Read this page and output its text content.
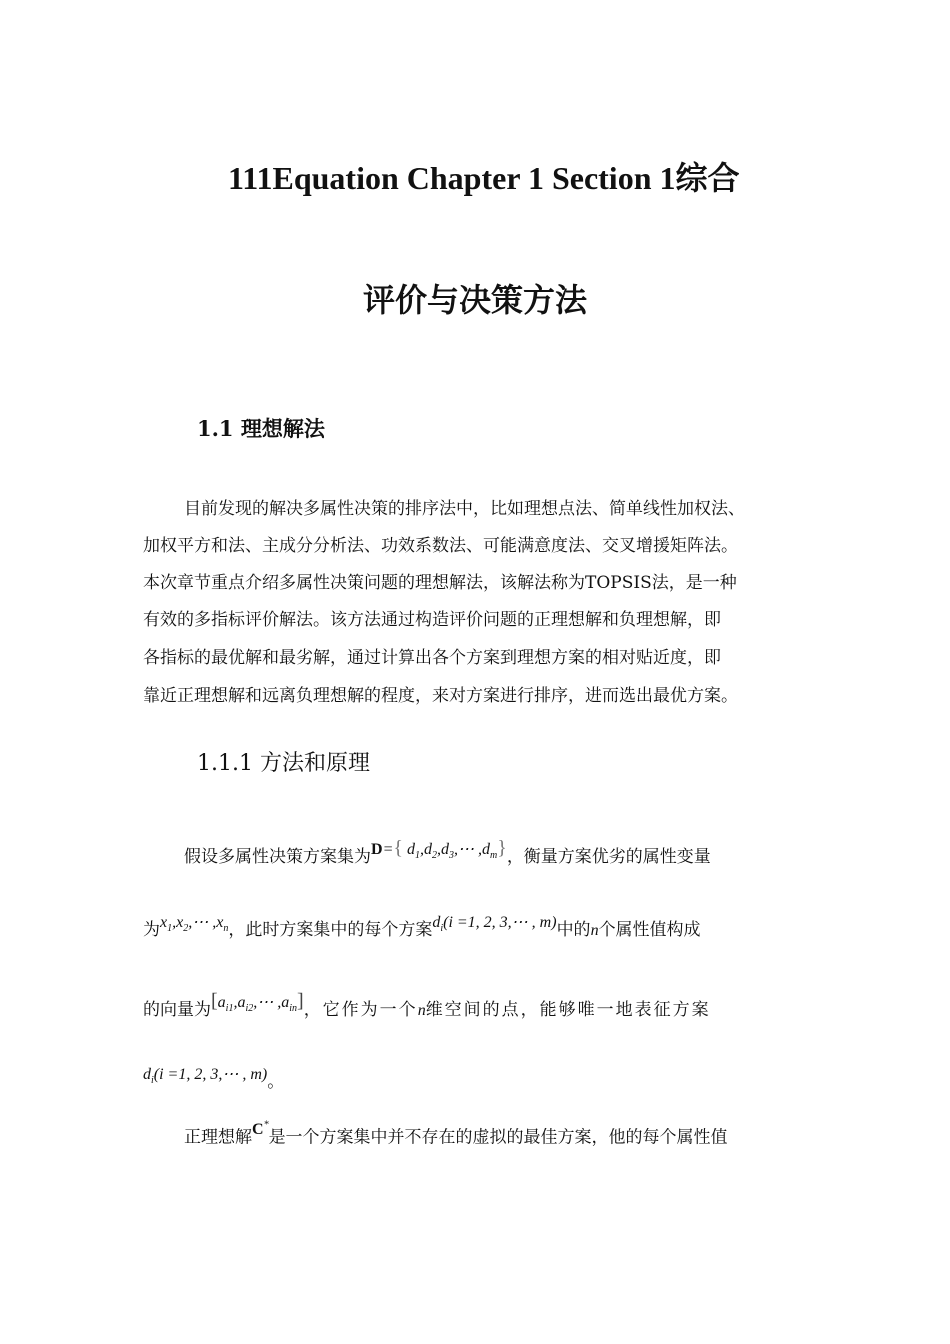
111Equation Chapter 1 Section 1综合
评价与决策方法
1.1 理想解法
目前发现的解决多属性决策的排序法中，比如理想点法、简单线性加权法、
加权平方和法、主成分分析法、功效系数法、可能满意度法、交叉增援矩阵法。
本次章节重点介绍多属性决策问题的理想解法，该解法称为TOPSIS法，是一种
有效的多指标评价解法。该方法通过构造评价问题的正理想解和负理想解，即
各指标的最优解和最劣解，通过计算出各个方案到理想方案的相对贴近度，即
靠近正理想解和远离负理想解的程度，来对方案进行排序，进而选出最优方案。
1.1.1 方法和原理
假设多属性决策方案集为D={ $d_1,d_2,d_3,\cdots$ $,d_m$}，衡量方案优劣的属性变量
为$x_1,x_2,\cdots$ $,x_n$，此时方案集中的每个方案$d_i(i =1$, 2, 3,⋯ , m)中的n个属性值构成
的向量为[$a_{i1},a_{i2},\cdots$ $,a_{in}$]，它作为一个n维空间的点，能够唯一地表征方案
$d_i(i =1$, 2, 3,⋯ , m)。
正理想解C*是一个方案集中并不存在的虚拟的最佳方案，他的每个属性值
